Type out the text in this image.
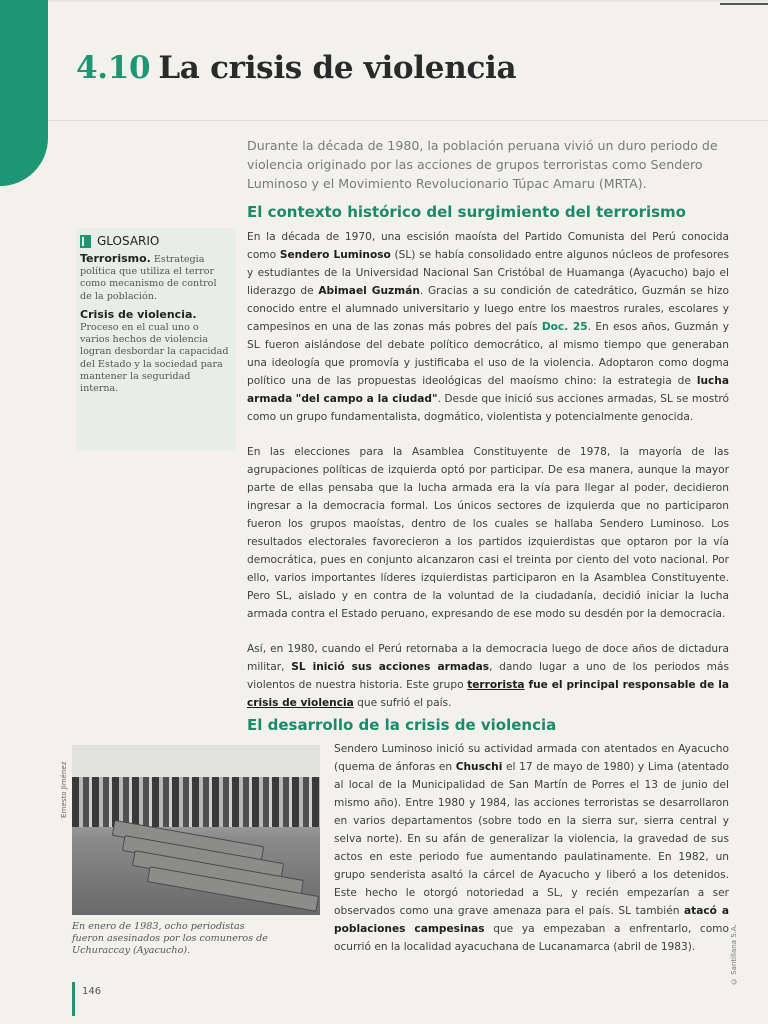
4.10 La crisis de violencia

Durante la década de 1980, la población peruana vivió un duro periodo de violencia originado por las acciones de grupos terroristas como Sendero Luminoso y el Movimiento Revolucionario Túpac Amaru (MRTA).

El contexto histórico del surgimiento del terrorismo

En la década de 1970, una escisión maoísta del Partido Comunista del Perú conocida como Sendero Luminoso (SL) se había consolidado entre algunos núcleos de profesores y estudiantes de la Universidad Nacional San Cristóbal de Huamanga (Ayacucho) bajo el liderazgo de Abimael Guzmán. Gracias a su condición de catedrático, Guzmán se hizo conocido entre el alumnado universitario y luego entre los maestros rurales, escolares y campesinos en una de las zonas más pobres del país Doc. 25. En esos años, Guzmán y SL fueron aislándose del debate político democrático, al mismo tiempo que generaban una ideología que promovía y justificaba el uso de la violencia. Adoptaron como dogma político una de las propuestas ideológicas del maoísmo chino: la estrategia de lucha armada "del campo a la ciudad". Desde que inició sus acciones armadas, SL se mostró como un grupo fundamentalista, dogmático, violentista y potencialmente genocida.

En las elecciones para la Asamblea Constituyente de 1978, la mayoría de las agrupaciones políticas de izquierda optó por participar. De esa manera, aunque la mayor parte de ellas pensaba que la lucha armada era la vía para llegar al poder, decidieron ingresar a la democracia formal. Los únicos sectores de izquierda que no participaron fueron los grupos maoístas, dentro de los cuales se hallaba Sendero Luminoso. Los resultados electorales favorecieron a los partidos izquierdistas que optaron por la vía democrática, pues en conjunto alcanzaron casi el treinta por ciento del voto nacional. Por ello, varios importantes líderes izquierdistas participaron en la Asamblea Constituyente. Pero SL, aislado y en contra de la voluntad de la ciudadanía, decidió iniciar la lucha armada contra el Estado peruano, expresando de ese modo su desdén por la democracia.

Así, en 1980, cuando el Perú retornaba a la democracia luego de doce años de dictadura militar, SL inició sus acciones armadas, dando lugar a uno de los periodos más violentos de nuestra historia. Este grupo terrorista fue el principal responsable de la crisis de violencia que sufrió el país.

El desarrollo de la crisis de violencia

Sendero Luminoso inició su actividad armada con atentados en Ayacucho (quema de ánforas en Chuschi el 17 de mayo de 1980) y Lima (atentado al local de la Municipalidad de San Martín de Porres el 13 de junio del mismo año). Entre 1980 y 1984, las acciones terroristas se desarrollaron en varios departamentos (sobre todo en la sierra sur, sierra central y selva norte). En su afán de generalizar la violencia, la gravedad de sus actos en este periodo fue aumentando paulatinamente. En 1982, un grupo senderista asaltó la cárcel de Ayacucho y liberó a los detenidos. Este hecho le otorgó notoriedad a SL, y recién empezarían a ser observados como una grave amenaza para el país. SL también atacó a poblaciones campesinas que ya empezaban a enfrentarlo, como ocurrió en la localidad ayacuchana de Lucanamarca (abril de 1983).

GLOSARIO

Terrorismo. Estrategia política que utiliza el terror como mecanismo de control de la población.

Crisis de violencia. Proceso en el cual uno o varios hechos de violencia logran desbordar la capacidad del Estado y la sociedad para mantener la seguridad interna.

Ernesto Jiménez

En enero de 1983, ocho periodistas fueron asesinados por los comuneros de Uchuraccay (Ayacucho).	© Santillana S.A.
146
